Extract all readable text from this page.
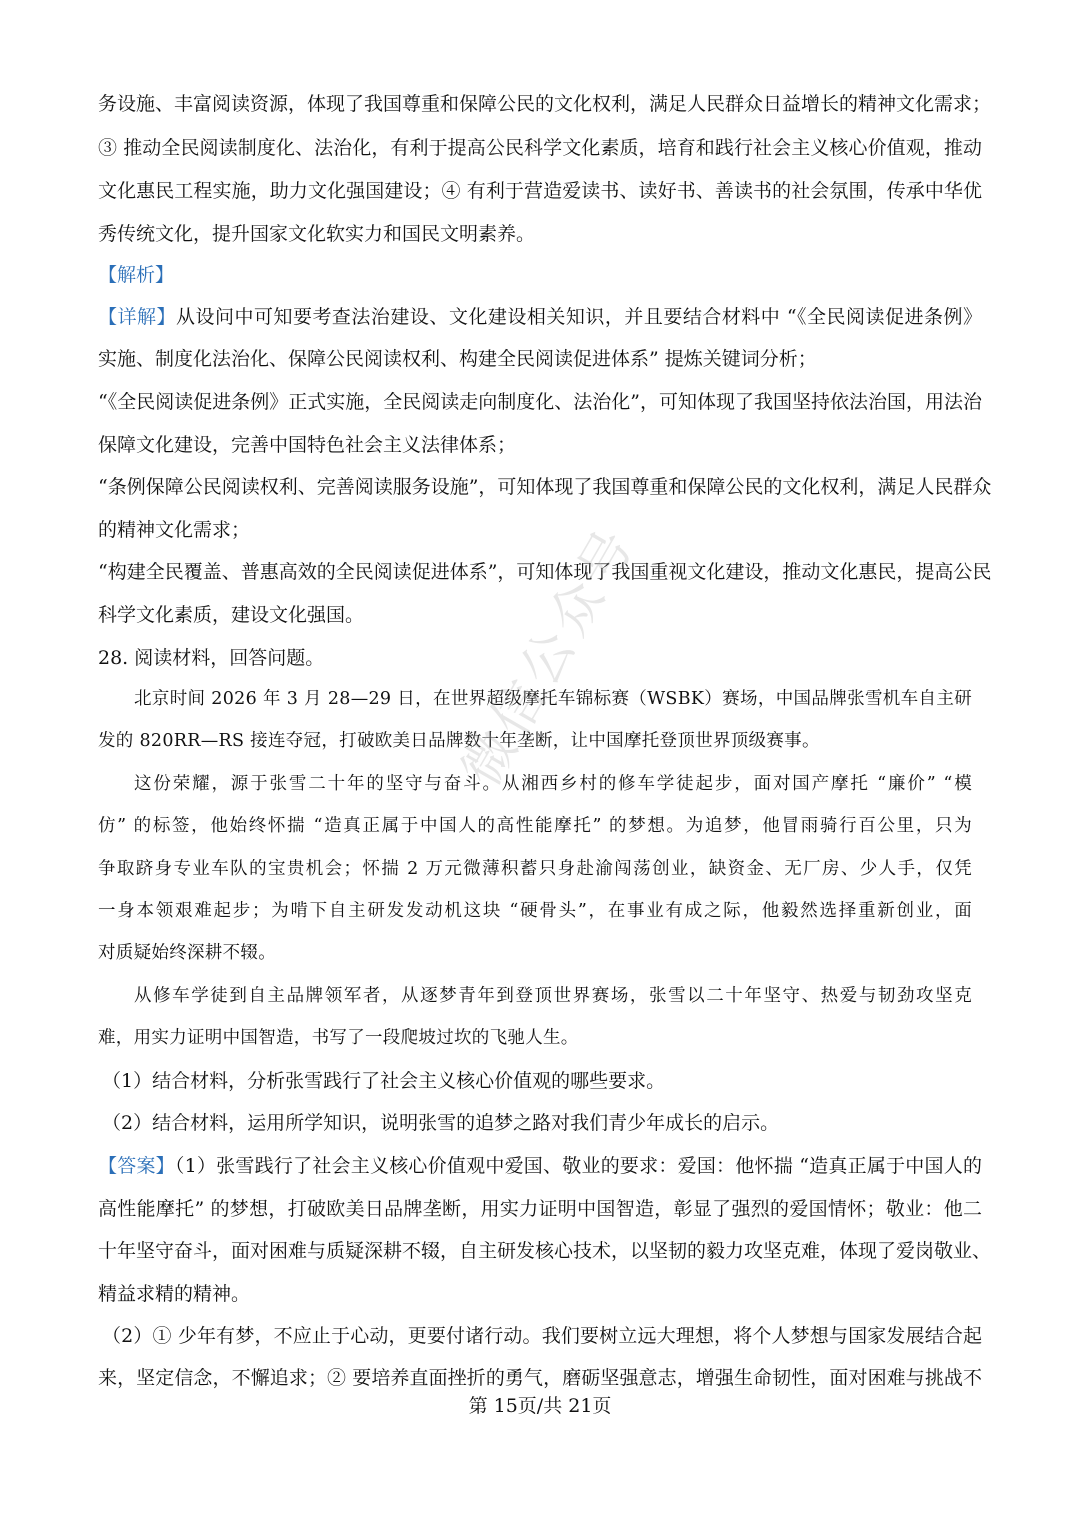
务设施、丰富阅读资源，体现了我国尊重和保障公民的文化权利，满足人民群众日益增长的精神文化需求；
③ 推动全民阅读制度化、法治化，有利于提高公民科学文化素质，培育和践行社会主义核心价值观，推动
文化惠民工程实施，助力文化强国建设；④ 有利于营造爱读书、读好书、善读书的社会氛围，传承中华优
秀传统文化，提升国家文化软实力和国民文明素养。
【解析】
【详解】从设问中可知要考查法治建设、文化建设相关知识，并且要结合材料中 “《全民阅读促进条例》
实施、制度化法治化、保障公民阅读权利、构建全民阅读促进体系” 提炼关键词分析；
“《全民阅读促进条例》正式实施，全民阅读走向制度化、法治化”，可知体现了我国坚持依法治国，用法治
保障文化建设，完善中国特色社会主义法律体系；
“条例保障公民阅读权利、完善阅读服务设施”，可知体现了我国尊重和保障公民的文化权利，满足人民群众
的精神文化需求；
“构建全民覆盖、普惠高效的全民阅读促进体系”，可知体现了我国重视文化建设，推动文化惠民，提高公民
科学文化素质，建设文化强国。
28. 阅读材料，回答问题。
北京时间 2026 年 3 月 28—29 日，在世界超级摩托车锦标赛（WSBK）赛场，中国品牌张雪机车自主研
发的 820RR—RS 接连夺冠，打破欧美日品牌数十年垄断，让中国摩托登顶世界顶级赛事。
这份荣耀，源于张雪二十年的坚守与奋斗。从湘西乡村的修车学徒起步，面对国产摩托 “廉价” “模
仿” 的标签，他始终怀揣 “造真正属于中国人的高性能摩托” 的梦想。为追梦，他冒雨骑行百公里，只为
争取跻身专业车队的宝贵机会；怀揣 2 万元微薄积蓄只身赴渝闯荡创业，缺资金、无厂房、少人手，仅凭
一身本领艰难起步；为啃下自主研发发动机这块 “硬骨头”，在事业有成之际，他毅然选择重新创业，面
对质疑始终深耕不辍。
从修车学徒到自主品牌领军者，从逐梦青年到登顶世界赛场，张雪以二十年坚守、热爱与韧劲攻坚克
难，用实力证明中国智造，书写了一段爬坡过坎的飞驰人生。
（1）结合材料，分析张雪践行了社会主义核心价值观的哪些要求。
（2）结合材料，运用所学知识，说明张雪的追梦之路对我们青少年成长的启示。
【答案】（1）张雪践行了社会主义核心价值观中爱国、敬业的要求：爱国：他怀揣 “造真正属于中国人的
高性能摩托” 的梦想，打破欧美日品牌垄断，用实力证明中国智造，彰显了强烈的爱国情怀；敬业：他二
十年坚守奋斗，面对困难与质疑深耕不辍，自主研发核心技术，以坚韧的毅力攻坚克难，体现了爱岗敬业、
精益求精的精神。
（2）① 少年有梦，不应止于心动，更要付诸行动。我们要树立远大理想，将个人梦想与国家发展结合起
来，坚定信念，不懈追求；② 要培养直面挫折的勇气，磨砺坚强意志，增强生命韧性，面对困难与挑战不
第 15页/共 21页
微信公众号
